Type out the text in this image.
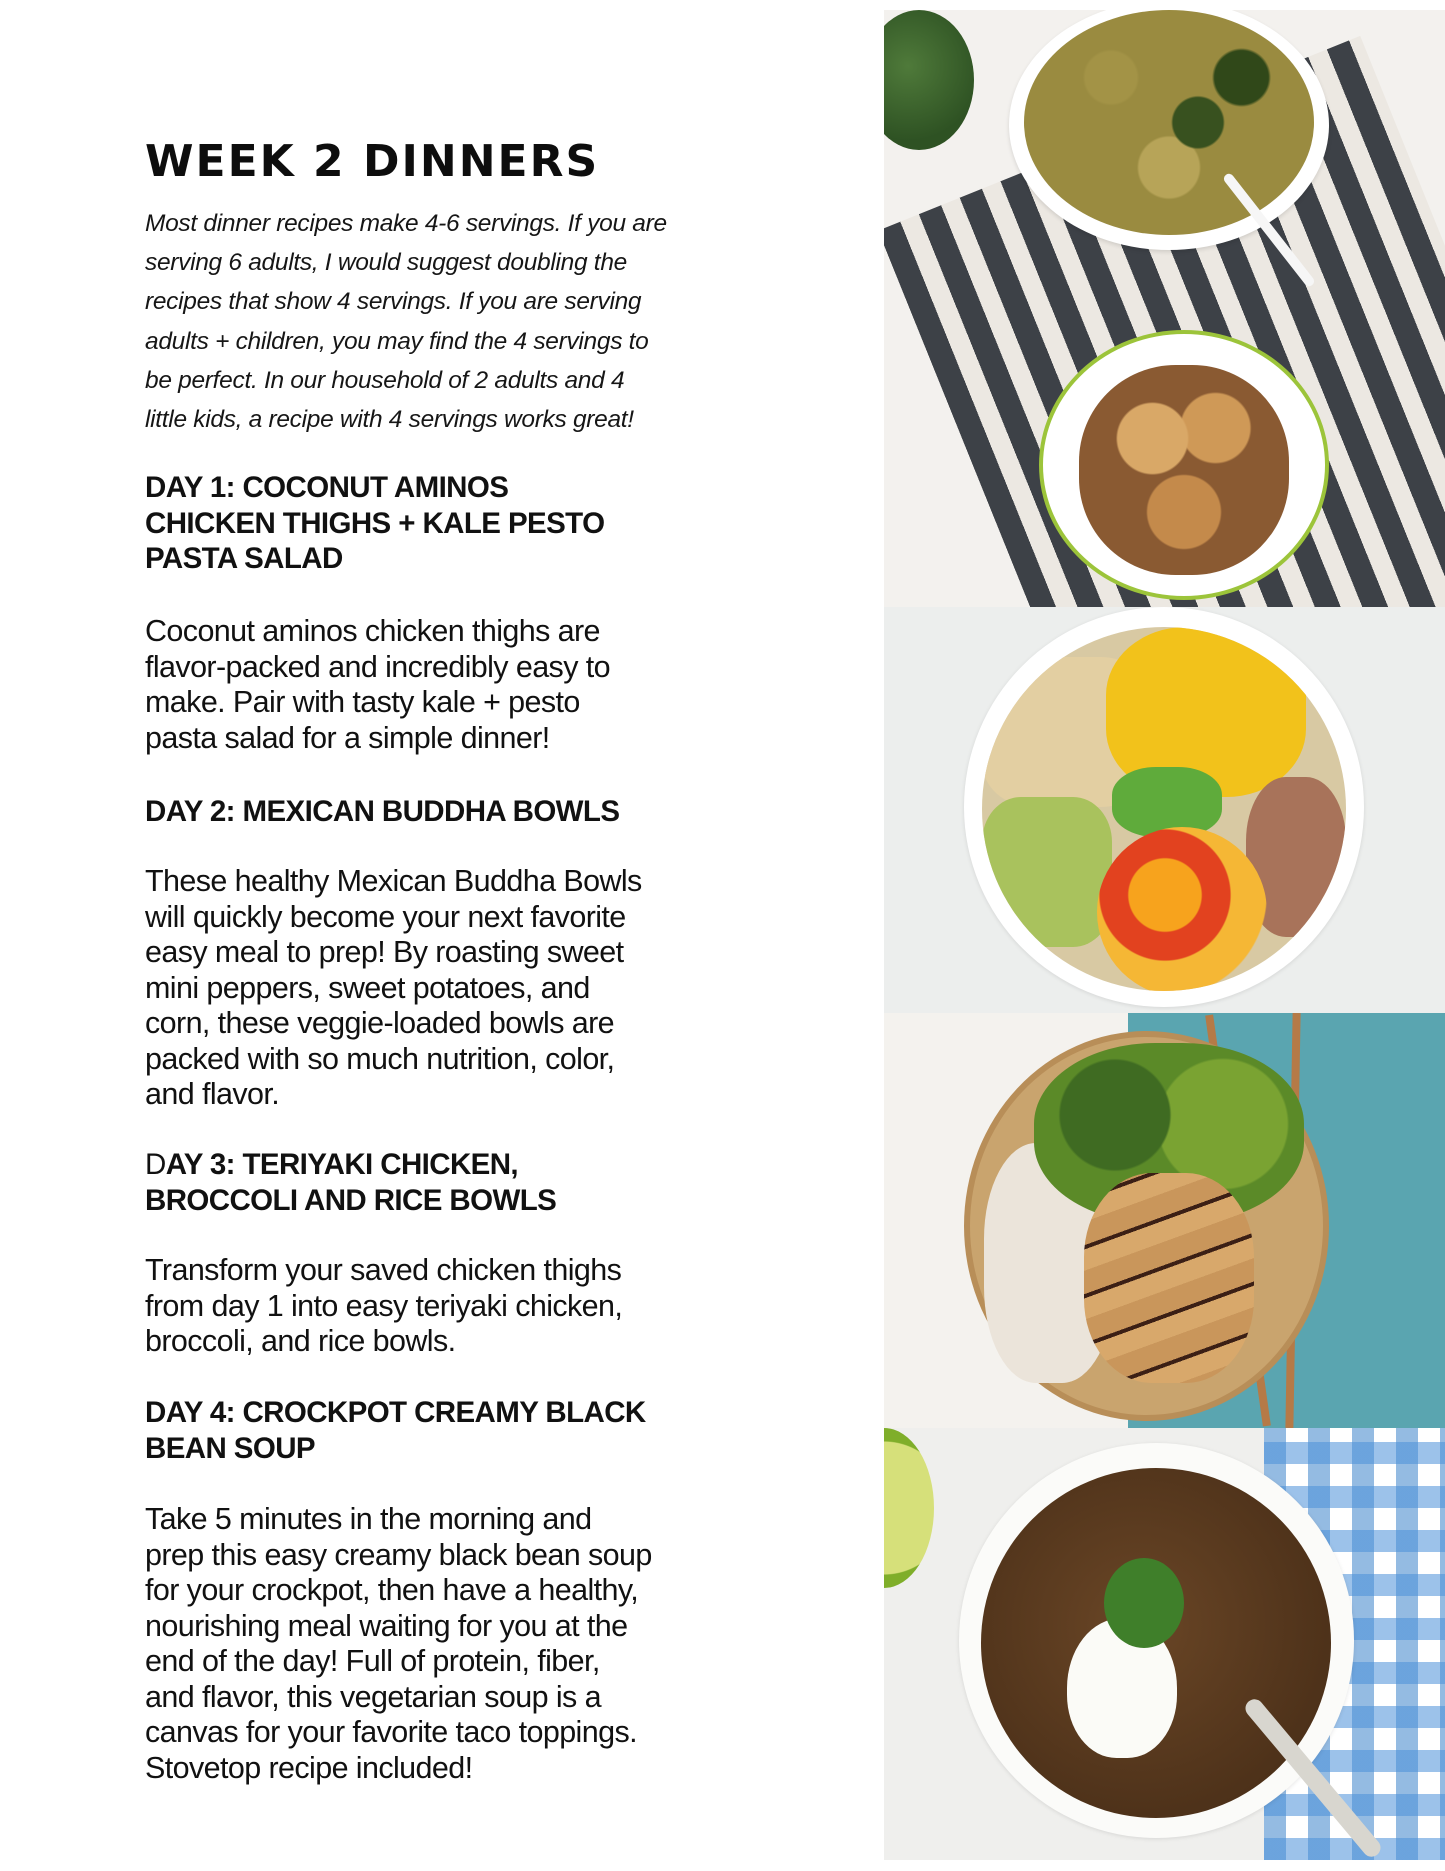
WEEK 2 DINNERS
Most dinner recipes make 4-6 servings. If you are
serving 6 adults, I would suggest doubling the
recipes that show 4 servings. If you are serving
adults + children, you may find the 4 servings to
be perfect. In our household of 2 adults and 4
little kids, a recipe with 4 servings works great!
DAY 1: COCONUT AMINOS
CHICKEN THIGHS + KALE PESTO
PASTA SALAD

Coconut aminos chicken thighs are
flavor-packed and incredibly easy to
make. Pair with tasty kale + pesto
pasta salad for a simple dinner!

DAY 2: MEXICAN BUDDHA BOWLS

These healthy Mexican Buddha Bowls
will quickly become your next favorite
easy meal to prep! By roasting sweet
mini peppers, sweet potatoes, and
corn, these veggie-loaded bowls are
packed with so much nutrition, color,
and flavor.

DAY 3: TERIYAKI CHICKEN,
BROCCOLI AND RICE BOWLS

Transform your saved chicken thighs
from day 1 into easy teriyaki chicken,
broccoli, and rice bowls.

DAY 4: CROCKPOT CREAMY BLACK
BEAN SOUP

Take 5 minutes in the morning and
prep this easy creamy black bean soup
for your crockpot, then have a healthy,
nourishing meal waiting for you at the
end of the day! Full of protein, fiber,
and flavor, this vegetarian soup is a
canvas for your favorite taco toppings.
Stovetop recipe included!
